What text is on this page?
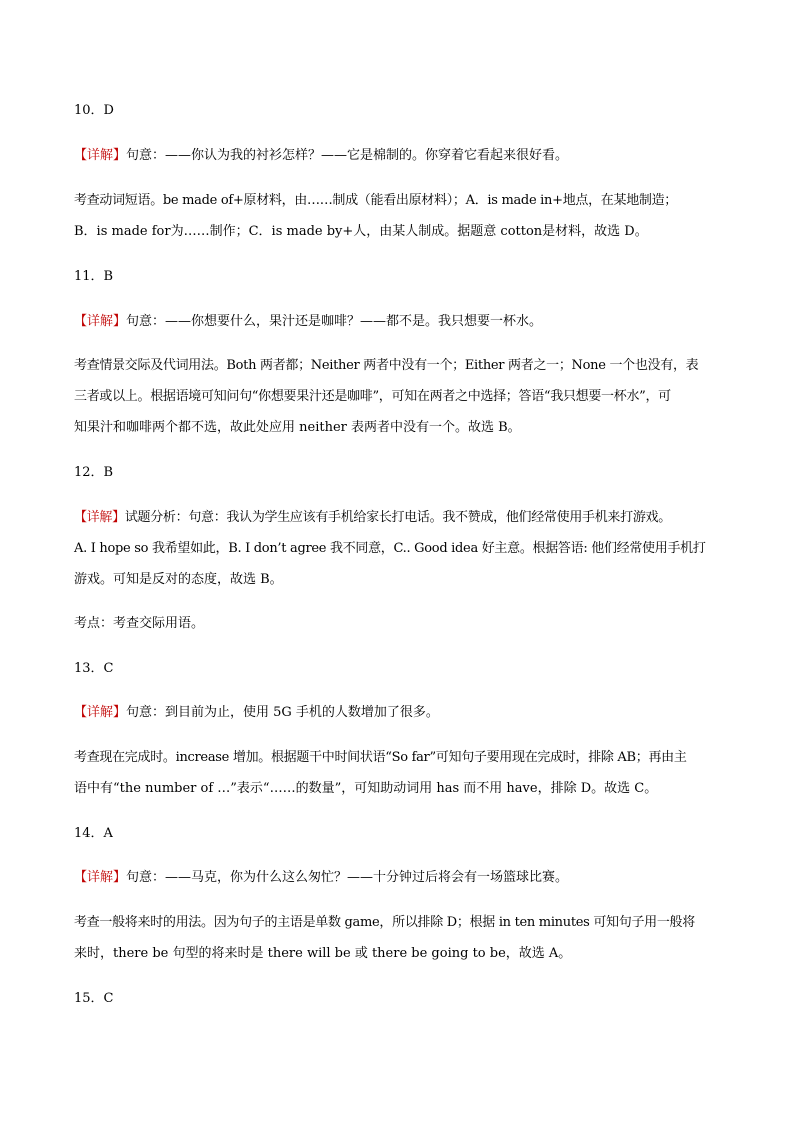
10．D
【详解】句意：——你认为我的衬衫怎样？——它是棉制的。你穿着它看起来很好看。
考查动词短语。be made of+原材料，由……制成（能看出原材料）；A．is made in+地点，在某地制造；
B．is made for为……制作；C．is made by+人，由某人制成。据题意 cotton是材料，故选 D。
11．B
【详解】句意：——你想要什么，果汁还是咖啡？——都不是。我只想要一杯水。
考查情景交际及代词用法。Both 两者都；Neither 两者中没有一个；Either 两者之一；None 一个也没有，表
三者或以上。根据语境可知问句“你想要果汁还是咖啡”，可知在两者之中选择；答语“我只想要一杯水”，可
知果汁和咖啡两个都不选，故此处应用 neither 表两者中没有一个。故选 B。
12．B
【详解】试题分析：句意：我认为学生应该有手机给家长打电话。我不赞成，他们经常使用手机来打游戏。
A. I hope so 我希望如此，B. I don’t agree 我不同意，C.. Good idea 好主意。根据答语: 他们经常使用手机打
游戏。可知是反对的态度，故选 B。
考点：考查交际用语。
13．C
【详解】句意：到目前为止，使用 5G 手机的人数增加了很多。
考查现在完成时。increase 增加。根据题干中时间状语“So far”可知句子要用现在完成时，排除 AB；再由主
语中有“the number of …”表示“……的数量”，可知助动词用 has 而不用 have，排除 D。故选 C。
14．A
【详解】句意：——马克，你为什么这么匆忙？——十分钟过后将会有一场篮球比赛。
考查一般将来时的用法。因为句子的主语是单数 game，所以排除 D；根据 in ten minutes 可知句子用一般将
来时，there be 句型的将来时是 there will be 或 there be going to be，故选 A。
15．C
